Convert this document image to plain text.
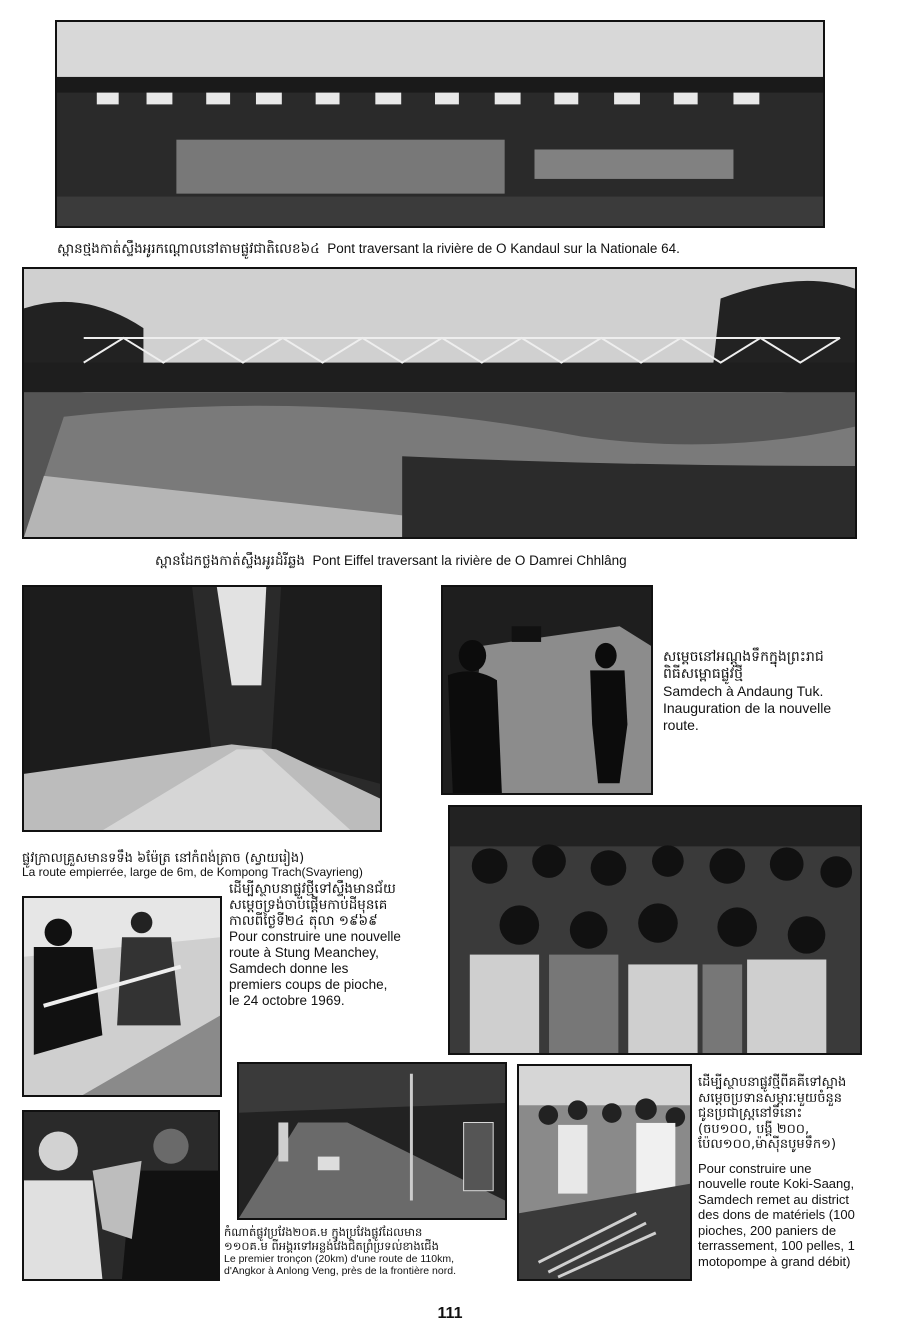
ស្ពានថ្មងកាត់ស្ទឹងអូរកណ្ដោលនៅតាមផ្លូវជាតិលេខ៦៤ Pont traversant la rivière de O Kandaul sur la Nationale 64.
ស្ពានដែកថ្លងកាត់ស្ទឹងអូរដំរីឆ្លង Pont Eiffel traversant la rivière de O Damrei Chhlâng
ផ្លូវក្រាលគ្រួសមានទទឹង ៦ម៉ែត្រ នៅកំពង់ត្រាច (ស្វាយរៀង)
La route empierrée, large de 6m, de Kompong Trach(Svayrieng)
សម្ដេចនៅអណ្ដូងទឹកក្នុងព្រះរាជ
ពិធីសម្ពោធផ្លូវថ្មី
Samdech à Andaung Tuk.
Inauguration de la nouvelle
route.
ដើម្បីស្ថាបនាផ្លូវថ្មីទៅស្ទឹងមានជ័យ
សម្ដេចទ្រង់ចាប់ផ្ដើមកាប់ដីមុនគេ
កាលពីថ្ងៃទី២៤ តុលា ១៩៦៩
Pour construire une nouvelle
route à Stung Meanchey,
Samdech donne les
premiers coups de pioche,
le 24 octobre 1969.
កំណាត់ផ្លូវប្រវែង២០គ.ម ក្នុងប្រវែងផ្លូវដែលមាន
១១០គ.ម ពីអង្គរទៅអន្លង់វែងជិតព្រំប្រទល់ខាងជើង
Le premier tronçon (20km) d'une route de 110km,
d'Angkor à Anlong Veng, près de la frontière nord.
ដើម្បីស្ថាបនាផ្លូវថ្មីពីគគីទៅស្អាង
សម្ដេចប្រទានសម្ភារៈមួយចំនួន
ជូនប្រជាស្រ្ដនៅទីនោះ
(ចប១០០, បង្គី ២០០,
ប៉ែល១០០,ម៉ាស៊ីនបូមទឹក១)
Pour construire une
nouvelle route Koki-Saang,
Samdech remet au district
des dons de matériels (100
pioches, 200 paniers de
terrassement, 100 pelles, 1
motopompe à grand débit)
111
